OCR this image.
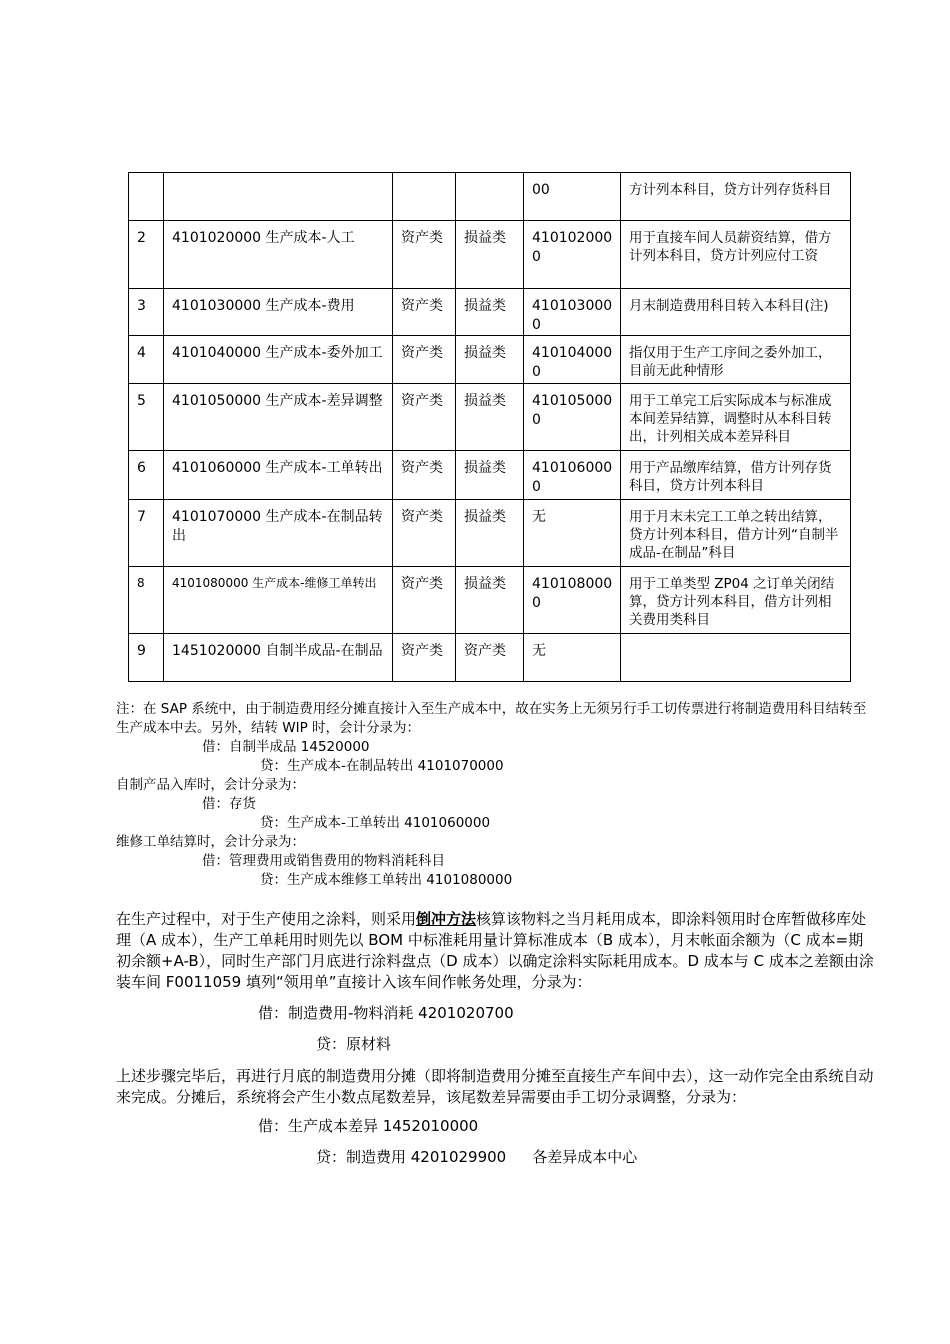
				00	方计列本科目，贷方计列存货科目
2	4101020000 生产成本-人工	资产类	损益类	4101020000	用于直接车间人员薪资结算，借方计列本科目，贷方计列应付工资
3	4101030000 生产成本-费用	资产类	损益类	4101030000	月末制造费用科目转入本科目(注)
4	4101040000 生产成本-委外加工	资产类	损益类	4101040000	指仅用于生产工序间之委外加工，目前无此种情形
5	4101050000 生产成本-差异调整	资产类	损益类	4101050000	用于工单完工后实际成本与标准成本间差异结算，调整时从本科目转出，计列相关成本差异科目
6	4101060000 生产成本-工单转出	资产类	损益类	4101060000	用于产品缴库结算，借方计列存货科目，贷方计列本科目
7	4101070000 生产成本-在制品转出	资产类	损益类	无	用于月末未完工工单之转出结算，贷方计列本科目，借方计列“自制半成品-在制品”科目
8	4101080000 生产成本-维修工单转出	资产类	损益类	4101080000	用于工单类型 ZP04 之订单关闭结算，贷方计列本科目，借方计列相关费用类科目
9	1451020000 自制半成品-在制品	资产类	资产类	无	

注：在 SAP 系统中，由于制造费用经分摊直接计入至生产成本中，故在实务上无须另行手工切传票进行将制造费用科目结转至生产成本中去。另外，结转 WIP 时，会计分录为：

借：自制半成品 14520000

贷：生产成本-在制品转出 4101070000

自制产品入库时，会计分录为：

借：存货

贷：生产成本-工单转出 4101060000

维修工单结算时，会计分录为：

借：管理费用或销售费用的物料消耗科目

贷：生产成本维修工单转出 4101080000

在生产过程中，对于生产使用之涂料，则采用倒冲方法核算该物料之当月耗用成本，即涂料领用时仓库暂做移库处理（A 成本），生产工单耗用时则先以 BOM 中标准耗用量计算标准成本（B 成本），月末帐面余额为（C 成本=期初余额+A-B），同时生产部门月底进行涂料盘点（D 成本）以确定涂料实际耗用成本。D 成本与 C 成本之差额由涂装车间 F0011059 填列“领用单”直接计入该车间作帐务处理，分录为：

借：制造费用-物料消耗 4201020700

贷：原材料

上述步骤完毕后，再进行月底的制造费用分摊（即将制造费用分摊至直接生产车间中去），这一动作完全由系统自动来完成。分摊后，系统将会产生小数点尾数差异，该尾数差异需要由手工切分录调整，分录为：

借：生产成本差异 1452010000

贷：制造费用 4201029900 各差异成本中心
